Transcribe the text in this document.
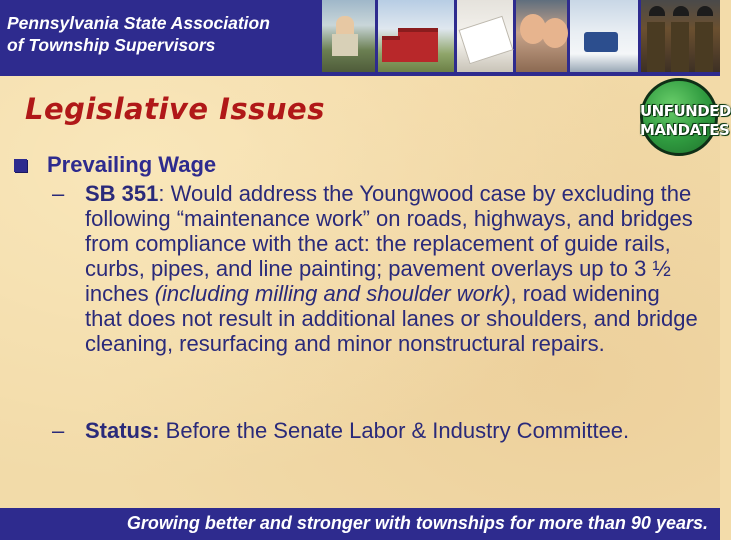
Pennsylvania State Association
of Township Supervisors
Legislative Issues	UNFUNDED
MANDATES
Prevailing Wage
– SB 351: Would address the Youngwood case by excluding the following “maintenance work” on roads, highways, and bridges from compliance with the act: the replacement of guide rails, curbs, pipes, and line painting; pavement overlays up to 3 ½ inches (including milling and shoulder work), road widening that does not result in additional lanes or shoulders, and bridge cleaning, resurfacing and minor nonstructural repairs.
– Status: Before the Senate Labor & Industry Committee.
Growing better and stronger with townships for more than 90 years.
